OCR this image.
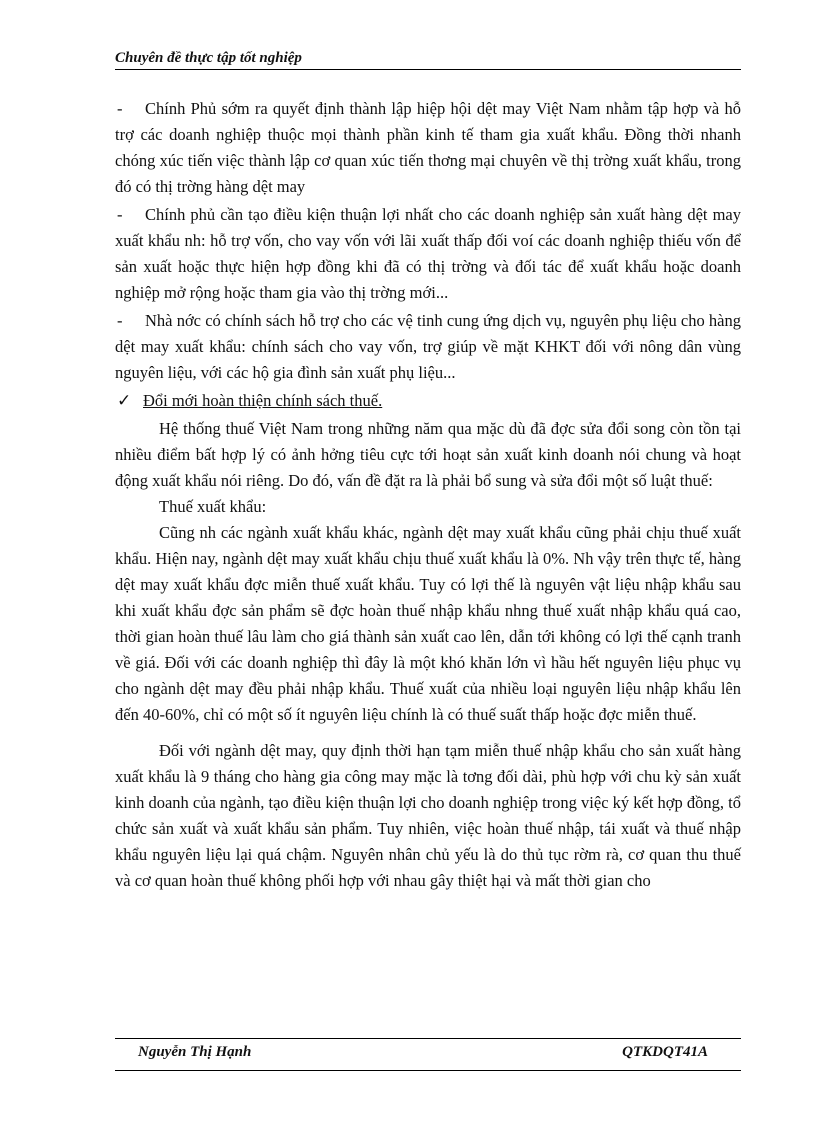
Chuyên đề thực tập tốt nghiệp

- Chính Phủ sớm ra quyết định thành lập hiệp hội dệt may Việt Nam nhằm tập hợp và hỗ trợ các doanh nghiệp thuộc mọi thành phần kinh tế tham gia xuất khẩu. Đồng thời nhanh chóng xúc tiến việc thành lập cơ quan xúc tiến thơng mại chuyên về thị trờng xuất khẩu, trong đó có thị trờng hàng dệt may

- Chính phủ cần tạo điều kiện thuận lợi nhất cho các doanh nghiệp sản xuất hàng dệt may xuất khẩu nh: hỗ trợ vốn, cho vay vốn với lãi xuất thấp đối voí các doanh nghiệp thiếu vốn để sản xuất hoặc thực hiện hợp đồng khi đã có thị trờng và đối tác để xuất khẩu hoặc doanh nghiệp mở rộng hoặc tham gia vào thị trờng mới...

- Nhà nớc có chính sách hỗ trợ cho các vệ tinh cung ứng dịch vụ, nguyên phụ liệu cho hàng dệt may xuất khẩu: chính sách cho vay vốn, trợ giúp về mặt KHKT đối với nông dân vùng nguyên liệu, với các hộ gia đình sản xuất phụ liệu...

✓ Đổi mới hoàn thiện chính sách thuế.

Hệ thống thuế Việt Nam trong những năm qua mặc dù đã đợc sửa đổi song còn tồn tại nhiều điểm bất hợp lý có ảnh hởng tiêu cực tới hoạt sản xuất kinh doanh nói chung và hoạt động xuất khẩu nói riêng. Do đó, vấn đề đặt ra là phải bổ sung và sửa đổi một số luật thuế:

Thuế xuất khẩu:

Cũng nh các ngành xuất khẩu khác, ngành dệt may xuất khẩu cũng phải chịu thuế xuất khẩu. Hiện nay, ngành dệt may xuất khẩu chịu thuế xuất khẩu là 0%. Nh vậy trên thực tế, hàng dệt may xuất khẩu đợc miễn thuế xuất khẩu. Tuy có lợi thế là nguyên vật liệu nhập khẩu sau khi xuất khẩu đợc sản phẩm sẽ đợc hoàn thuế nhập khẩu nhng thuế xuất nhập khẩu quá cao, thời gian hoàn thuế lâu làm cho giá thành sản xuất cao lên, dẫn tới không có lợi thế cạnh tranh về giá. Đối với các doanh nghiệp thì đây là một khó khăn lớn vì hầu hết nguyên liệu phục vụ cho ngành dệt may đều phải nhập khẩu. Thuế xuất của nhiều loại nguyên liệu nhập khẩu lên đến 40-60%, chỉ có một số ít nguyên liệu chính là có thuế suất thấp hoặc đợc miễn thuế.

Đối với ngành dệt may, quy định thời hạn tạm miễn thuế nhập khẩu cho sản xuất hàng xuất khẩu là 9 tháng cho hàng gia công may mặc là tơng đối dài, phù hợp với chu kỳ sản xuất kinh doanh của ngành, tạo điều kiện thuận lợi cho doanh nghiệp trong việc ký kết hợp đồng, tổ chức sản xuất và xuất khẩu sản phẩm. Tuy nhiên, việc hoàn thuế nhập, tái xuất và thuế nhập khẩu nguyên liệu lại quá chậm. Nguyên nhân chủ yếu là do thủ tục rờm rà, cơ quan thu thuế và cơ quan hoàn thuế không phối hợp với nhau gây thiệt hại và mất thời gian cho

Nguyễn Thị Hạnh	QTKDQT41A
